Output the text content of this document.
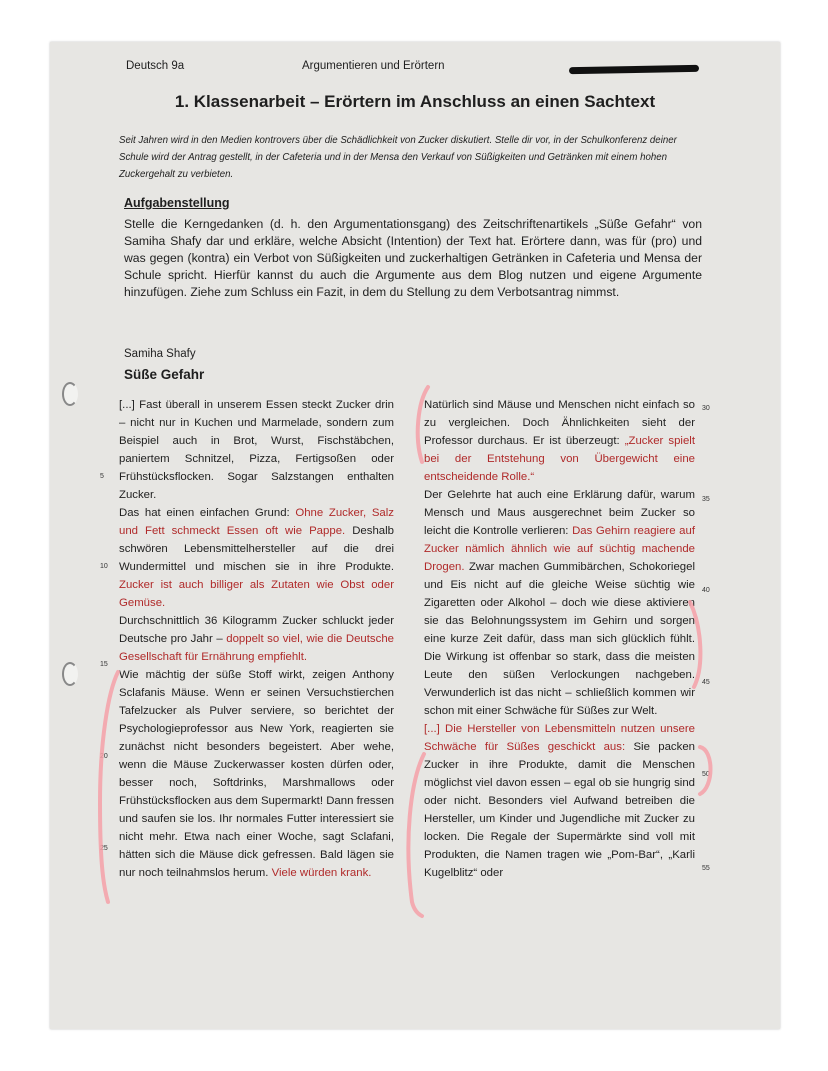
Deutsch 9a	Argumentieren und Erörtern
1. Klassenarbeit – Erörtern im Anschluss an einen Sachtext
Seit Jahren wird in den Medien kontrovers über die Schädlichkeit von Zucker diskutiert. Stelle dir vor, in der Schulkonferenz deiner Schule wird der Antrag gestellt, in der Cafeteria und in der Mensa den Verkauf von Süßigkeiten und Getränken mit einem hohen Zuckergehalt zu verbieten.
Aufgabenstellung
Stelle die Kerngedanken (d. h. den Argumentationsgang) des Zeitschriftenartikels „Süße Gefahr“ von Samiha Shafy dar und erkläre, welche Absicht (Intention) der Text hat. Erörtere dann, was für (pro) und was gegen (kontra) ein Verbot von Süßigkeiten und zuckerhaltigen Getränken in Cafeteria und Mensa der Schule spricht. Hierfür kannst du auch die Argumente aus dem Blog nutzen und eigene Argumente hinzufügen. Ziehe zum Schluss ein Fazit, in dem du Stellung zu dem Verbotsantrag nimmst.
Samiha Shafy
Süße Gefahr

[...] Fast überall in unserem Essen steckt Zucker drin – nicht nur in Kuchen und Marmelade, sondern zum Beispiel auch in Brot, Wurst, Fischstäbchen, paniertem Schnitzel, Pizza, Fertigsoßen oder Frühstücksflocken. Sogar Salzstangen enthalten Zucker.

Das hat einen einfachen Grund: Ohne Zucker, Salz und Fett schmeckt Essen oft wie Pappe. Deshalb schwören Lebensmittelhersteller auf die drei Wundermittel und mischen sie in ihre Produkte. Zucker ist auch billiger als Zutaten wie Obst oder Gemüse.

Durchschnittlich 36 Kilogramm Zucker schluckt jeder Deutsche pro Jahr – doppelt so viel, wie die Deutsche Gesellschaft für Ernährung empfiehlt.

Wie mächtig der süße Stoff wirkt, zeigen Anthony Sclafanis Mäuse. Wenn er seinen Versuchstierchen Tafelzucker als Pulver serviere, so berichtet der Psychologieprofessor aus New York, reagierten sie zunächst nicht besonders begeistert. Aber wehe, wenn die Mäuse Zuckerwasser kosten dürfen oder, besser noch, Softdrinks, Marshmallows oder Frühstücksflocken aus dem Supermarkt! Dann fressen und saufen sie los. Ihr normales Futter interessiert sie nicht mehr. Etwa nach einer Woche, sagt Sclafani, hätten sich die Mäuse dick gefressen. Bald lägen sie nur noch teilnahmslos herum. Viele würden krank.

Natürlich sind Mäuse und Menschen nicht einfach so zu vergleichen. Doch Ähnlichkeiten sieht der Professor durchaus. Er ist überzeugt: „Zucker spielt bei der Entstehung von Übergewicht eine entscheidende Rolle.“

Der Gelehrte hat auch eine Erklärung dafür, warum Mensch und Maus ausgerechnet beim Zucker so leicht die Kontrolle verlieren: Das Gehirn reagiere auf Zucker nämlich ähnlich wie auf süchtig machende Drogen. Zwar machen Gummibärchen, Schokoriegel und Eis nicht auf die gleiche Weise süchtig wie Zigaretten oder Alkohol – doch wie diese aktivieren sie das Belohnungssystem im Gehirn und sorgen eine kurze Zeit dafür, dass man sich glücklich fühlt. Die Wirkung ist offenbar so stark, dass die meisten Leute den süßen Verlockungen nachgeben. Verwunderlich ist das nicht – schließlich kommen wir schon mit einer Schwäche für Süßes zur Welt.

[...] Die Hersteller von Lebensmitteln nutzen unsere Schwäche für Süßes geschickt aus: Sie packen Zucker in ihre Produkte, damit die Menschen möglichst viel davon essen – egal ob sie hungrig sind oder nicht. Besonders viel Aufwand betreiben die Hersteller, um Kinder und Jugendliche mit Zucker zu locken. Die Regale der Supermärkte sind voll mit Produkten, die Namen tragen wie „Pom-Bar“, „Karli Kugelblitz“ oder

5
10
15
20
25
30
35
40
45
50
55
